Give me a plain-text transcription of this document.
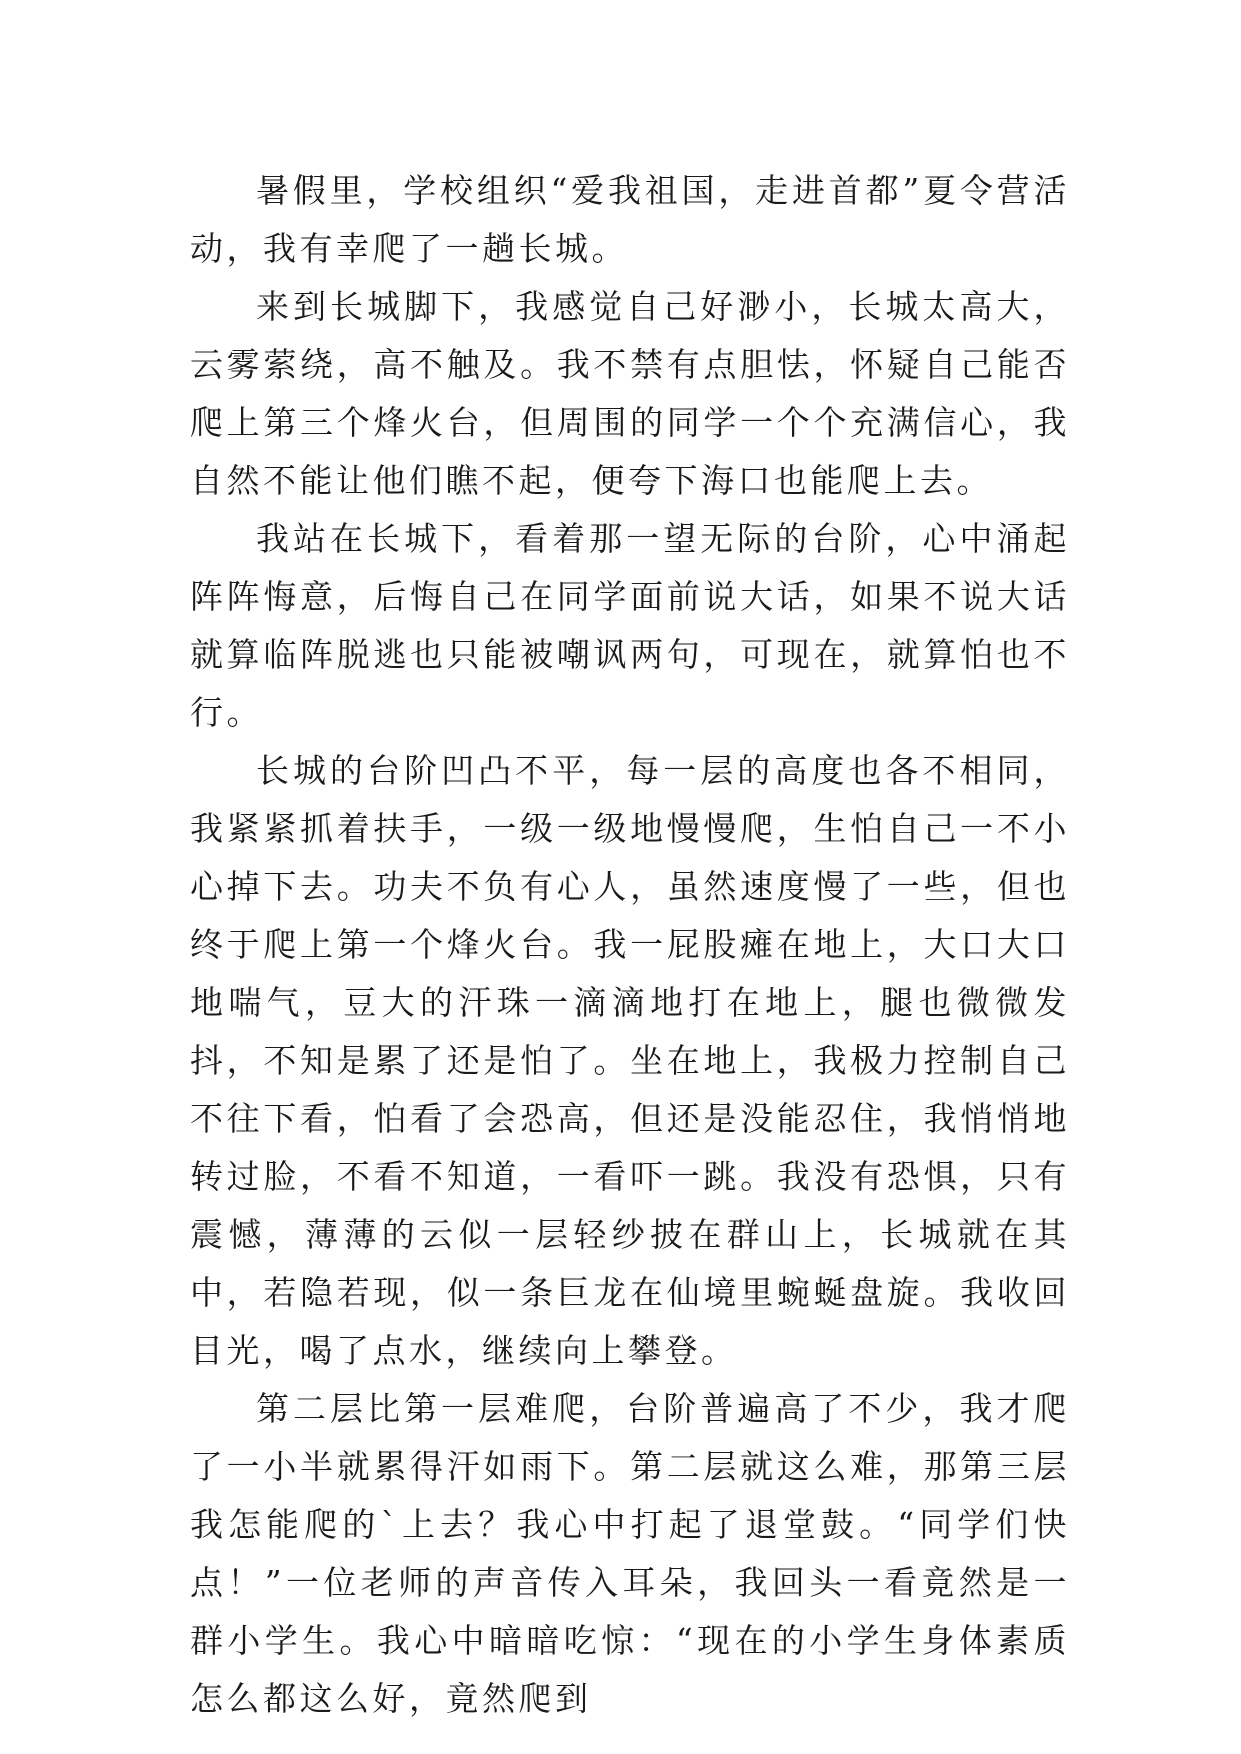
暑假里，学校组织“爱我祖国，走进首都”夏令营活动，我有幸爬了一趟长城。

来到长城脚下，我感觉自己好渺小，长城太高大，云雾萦绕，高不触及。我不禁有点胆怯，怀疑自己能否爬上第三个烽火台，但周围的同学一个个充满信心，我自然不能让他们瞧不起，便夸下海口也能爬上去。

我站在长城下，看着那一望无际的台阶，心中涌起阵阵悔意，后悔自己在同学面前说大话，如果不说大话就算临阵脱逃也只能被嘲讽两句，可现在，就算怕也不行。

长城的台阶凹凸不平，每一层的高度也各不相同，我紧紧抓着扶手，一级一级地慢慢爬，生怕自己一不小心掉下去。功夫不负有心人，虽然速度慢了一些，但也终于爬上第一个烽火台。我一屁股瘫在地上，大口大口地喘气，豆大的汗珠一滴滴地打在地上，腿也微微发抖，不知是累了还是怕了。坐在地上，我极力控制自己不往下看，怕看了会恐高，但还是没能忍住，我悄悄地转过脸，不看不知道，一看吓一跳。我没有恐惧，只有震憾，薄薄的云似一层轻纱披在群山上，长城就在其中，若隐若现，似一条巨龙在仙境里蜿蜒盘旋。我收回目光，喝了点水，继续向上攀登。

第二层比第一层难爬，台阶普遍高了不少，我才爬了一小半就累得汗如雨下。第二层就这么难，那第三层我怎能爬的`上去？我心中打起了退堂鼓。“同学们快点！”一位老师的声音传入耳朵，我回头一看竟然是一群小学生。我心中暗暗吃惊：“现在的小学生身体素质怎么都这么好，竟然爬到
